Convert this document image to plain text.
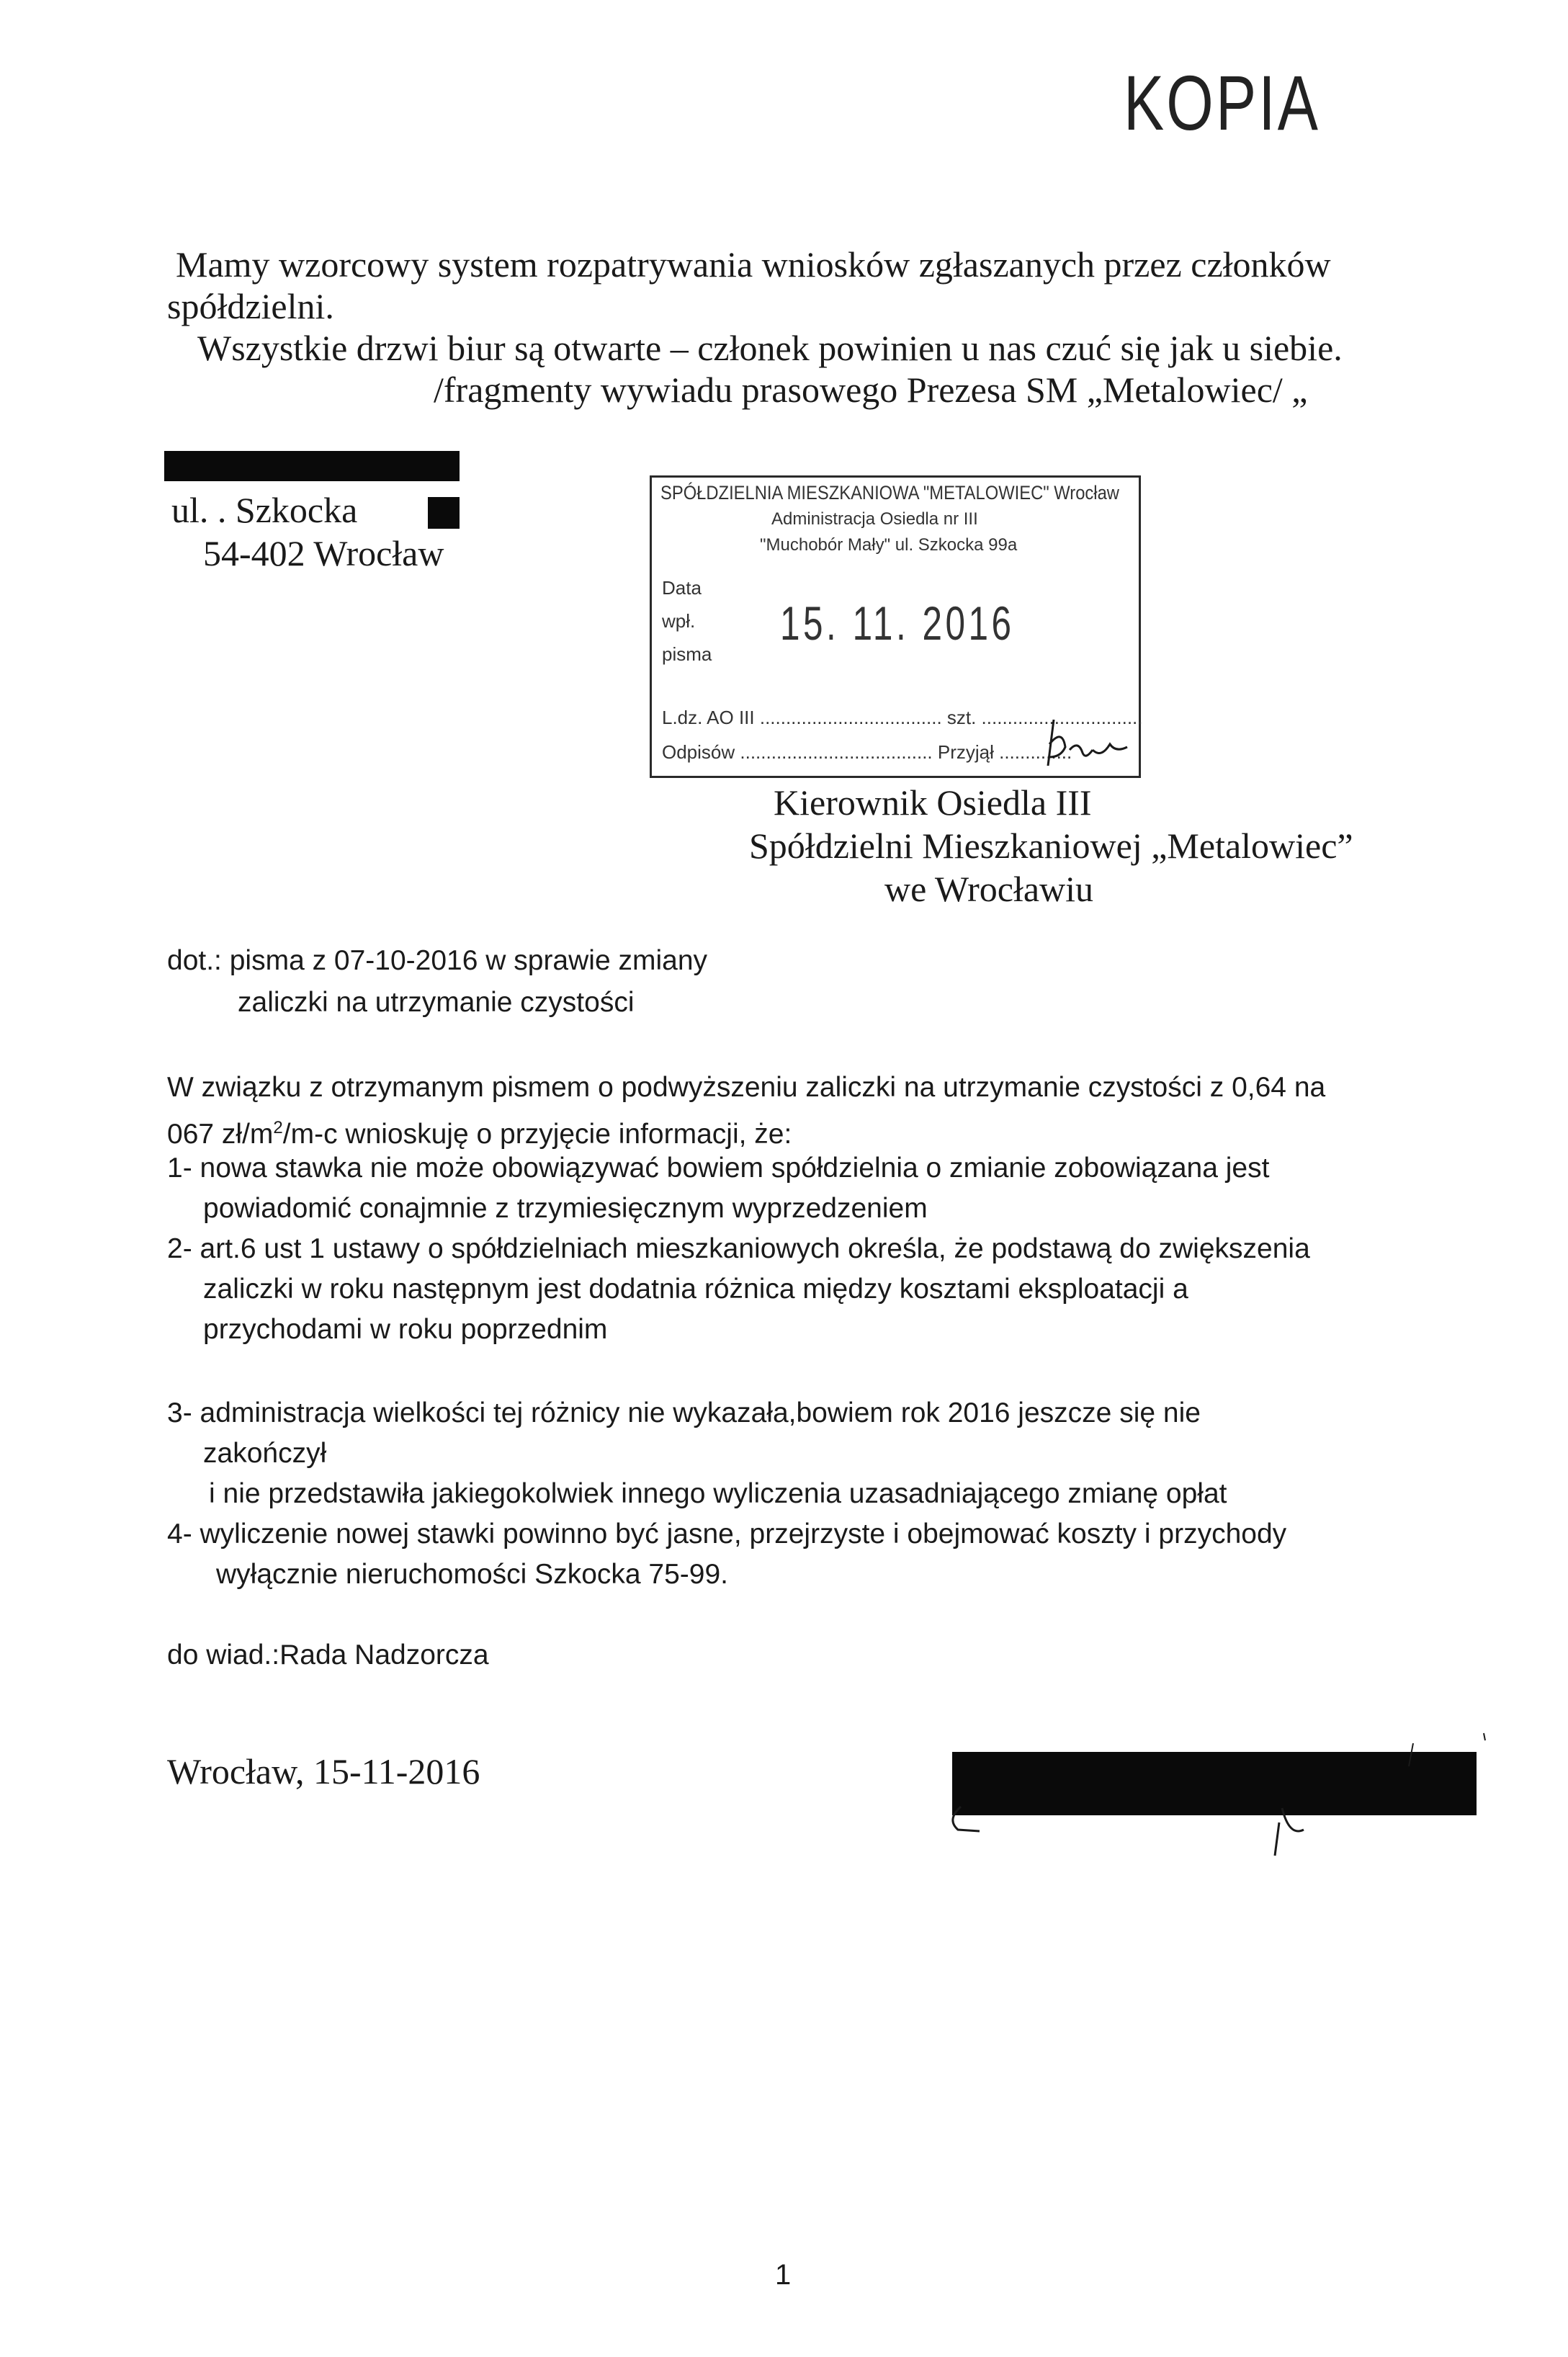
KOPIA
Mamy wzorcowy system rozpatrywania wniosków zgłaszanych przez członków
spółdzielni.
Wszystkie drzwi biur są otwarte – członek powinien u nas czuć się jak u siebie.
/fragmenty wywiadu prasowego Prezesa SM „Metalowiec/ „
ul. . Szkocka
54-402 Wrocław
SPÓŁDZIELNIA MIESZKANIOWA "METALOWIEC" Wrocław
Administracja Osiedla nr III
"Muchobór Mały" ul. Szkocka 99a
Data
wpł.
pisma
15. 11. 2016
L.dz. AO III ................................... szt. ...............................
Odpisów ..................................... Przyjął ..............
Kierownik Osiedla III
Spółdzielni Mieszkaniowej „Metalowiec”
we Wrocławiu
dot.: pisma z 07-10-2016 w sprawie zmiany
zaliczki na utrzymanie czystości
W związku z otrzymanym pismem o podwyższeniu zaliczki na utrzymanie czystości z 0,64 na
067 $zł/m^2/m-c$ wnioskuję o przyjęcie informacji, że:
1- nowa stawka nie może obowiązywać bowiem spółdzielnia o zmianie zobowiązana jest
powiadomić conajmnie z trzymiesięcznym wyprzedzeniem
2- art.6 ust 1 ustawy o spółdzielniach mieszkaniowych określa, że podstawą do zwiększenia
zaliczki w roku następnym jest dodatnia różnica między kosztami eksploatacji a
przychodami w roku poprzednim
3- administracja wielkości tej różnicy nie wykazała,bowiem rok 2016 jeszcze się nie
zakończył
i nie przedstawiła jakiegokolwiek innego wyliczenia uzasadniającego zmianę opłat
4- wyliczenie nowej stawki powinno być jasne, przejrzyste i obejmować koszty i przychody
wyłącznie nieruchomości Szkocka 75-99.
do wiad.:Rada Nadzorcza
Wrocław, 15-11-2016
1
